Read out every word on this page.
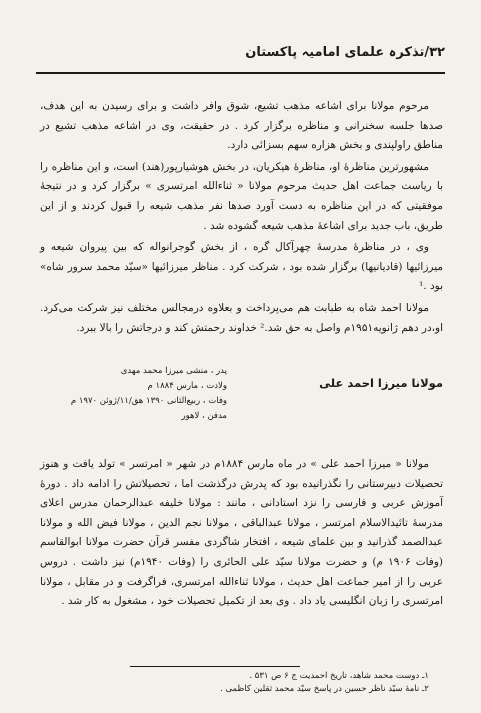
۳۲/تذکرہ علمای امامیہ پاکستان

مرحوم مولانا برای اشاعه مذهب تشیع، شوق وافر داشت و برای رسیدن به این هدف، صدها جلسه سخنرانی و مناظره برگزار کرد . در حقیقت، وی در اشاعه مذهب تشیع در مناطق راولپندی و بخش هزاره سهم بسزائی دارد.

مشهورترین مناظرهٔ او، مناظرهٔ هیکریان، در بخش هوشیارپور(هند) است، و این مناظره را با ریاست جماعت اهل حدیث مرحوم مولانا « ثناءالله امرتسری » برگزار کرد و در نتیجهٔ موفقیتی که در این مناظره به دست آورد صدها نفر مذهب شیعه را قبول کردند و از این طریق، باب جدید برای اشاعهٔ مذهب شیعه گشوده شد .

وی ، در مناظرهٔ مدرسهٔ چهرآکال گره ، از بخش گوجرانواله که بین پیروان شیعه و میرزائیها (قادیانیها) برگزار شده بود ، شرکت کرد . مناظر میرزائیها «سیّد محمد سرور شاه» بود .¹

مولانا احمد شاه به طبابت هم می‌پرداخت و بعلاوه درمجالس مختلف نیز شرکت می‌کرد. او،در دهم ژانویه۱۹۵۱م واصل به حق شد.² خداوند رحمتش کند و درجاتش را بالا ببرد.

مولانا میرزا احمد علی
پدر ، منشی میرزا محمد مهدی
ولادت ، مارس ۱۸۸۴ م
وفات ، ربیع‌الثانی ۱۳۹۰ هق/۱۱/ژوئن ۱۹۷۰ م
مدفن ، لاهور

مولانا « میرزا احمد علی » در ماه مارس ۱۸۸۴م در شهر « امرتسر » تولد یافت و هنوز تحصیلات دبیرستانی را نگذرانیده بود که پدرش درگذشت اما ، تحصیلاتش را ادامه داد . دورهٔ آموزش عربی و فارسی را نزد استادانی ، مانند : مولانا خلیفه عبدالرحمان مدرس اعلای مدرسهٔ تائیدالاسلام امرتسر ، مولانا عبدالباقی ، مولانا نجم الدین ، مولانا فیض الله و مولانا عبدالصمد گذرانید و بین علمای شیعه ، افتخار شاگردی مفسر قرآن حضرت مولانا ابوالقاسم (وفات ۱۹۰۶ م) و حضرت مولانا سیّد علی الحائری را (وفات ۱۹۴۰م) نیز داشت . دروس عربی را از امیر جماعت اهل حدیث ، مولانا ثناءالله امرتسری، فراگرفت و در مقابل ، مولانا امرتسری را زبان انگلیسی یاد داد . وی بعد از تکمیل تحصیلات خود ، مشغول به کار شد .

۱ـ دوست محمد شاهد، تاریخ احمدیت ج ۶ ص ۵۳۱ .

۲ـ نامهٔ سیّد ناظر حسین در پاسخ سیّد محمد ثقلین کاظمی .
